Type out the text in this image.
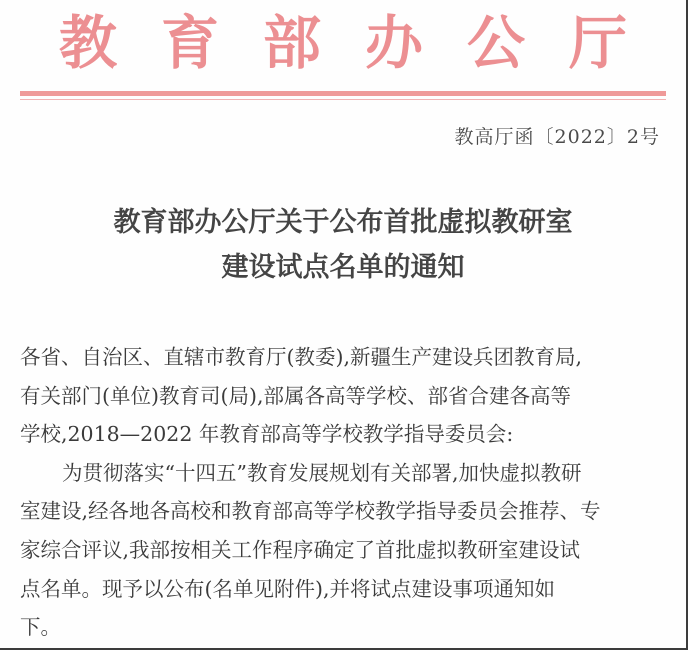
教育部办公厅
教高厅函〔2022〕2号
教育部办公厅关于公布首批虚拟教研室
建设试点名单的通知
各省、自治区、直辖市教育厅(教委),新疆生产建设兵团教育局,
有关部门(单位)教育司(局),部属各高等学校、部省合建各高等
学校,2018—2022 年教育部高等学校教学指导委员会:
为贯彻落实“十四五”教育发展规划有关部署,加快虚拟教研
室建设,经各地各高校和教育部高等学校教学指导委员会推荐、专
家综合评议,我部按相关工作程序确定了首批虚拟教研室建设试
点名单。现予以公布(名单见附件),并将试点建设事项通知如
下。
